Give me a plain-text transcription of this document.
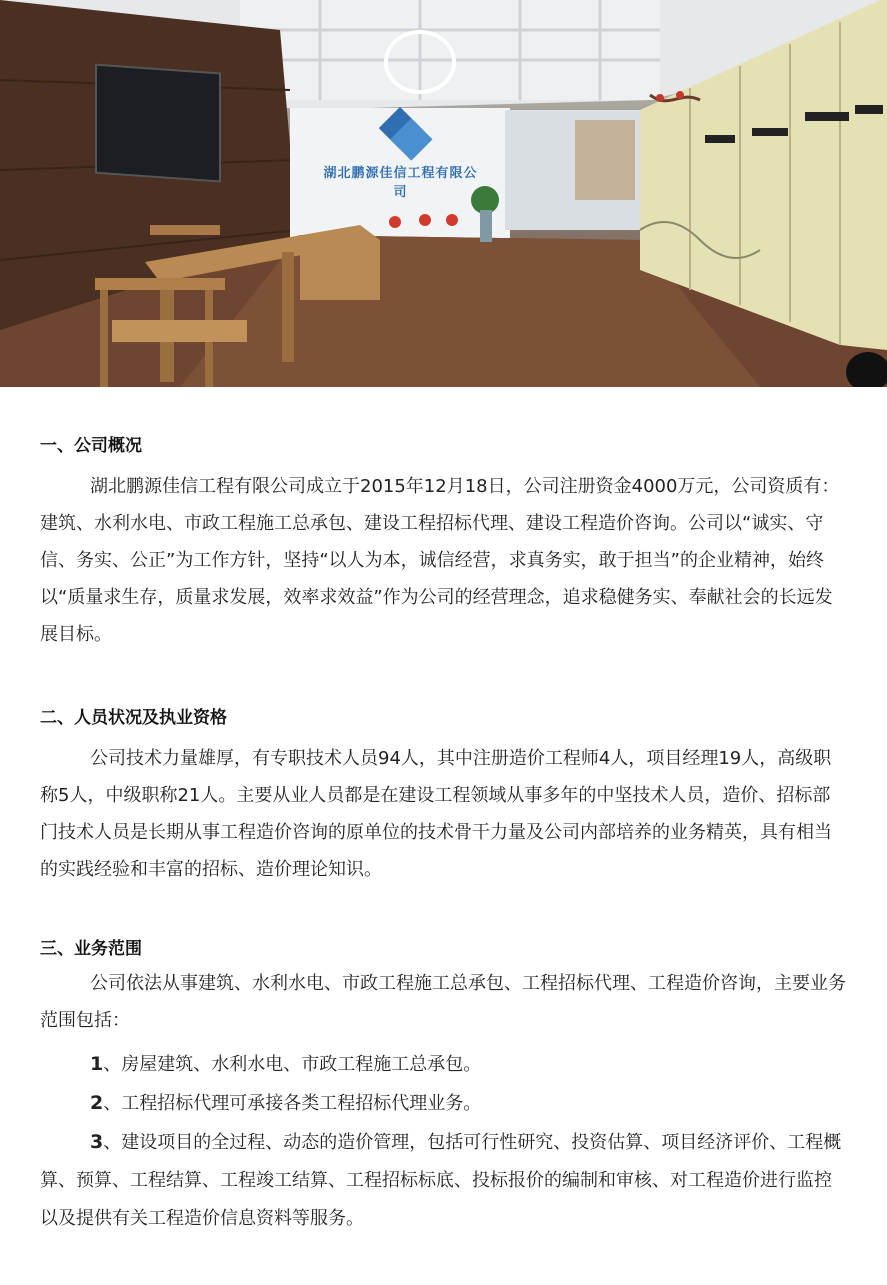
湖北鹏源佳信工程有限公司
一、公司概况

湖北鹏源佳信工程有限公司成立于2015年12月18日，公司注册资金4000万元，公司资质有：建筑、水利水电、市政工程施工总承包、建设工程招标代理、建设工程造价咨询。公司以“诚实、守信、务实、公正”为工作方针，坚持“以人为本，诚信经营，求真务实，敢于担当”的企业精神，始终以“质量求生存，质量求发展，效率求效益”作为公司的经营理念，追求稳健务实、奉献社会的长远发展目标。

二、人员状况及执业资格

公司技术力量雄厚，有专职技术人员94人，其中注册造价工程师4人，项目经理19人，高级职称5人，中级职称21人。主要从业人员都是在建设工程领域从事多年的中坚技术人员，造价、招标部门技术人员是长期从事工程造价咨询的原单位的技术骨干力量及公司内部培养的业务精英，具有相当的实践经验和丰富的招标、造价理论知识。

三、业务范围

公司依法从事建筑、水利水电、市政工程施工总承包、工程招标代理、工程造价咨询，主要业务范围包括：

1、房屋建筑、水利水电、市政工程施工总承包。

2、工程招标代理可承接各类工程招标代理业务。

3、建设项目的全过程、动态的造价管理，包括可行性研究、投资估算、项目经济评价、工程概算、预算、工程结算、工程竣工结算、工程招标标底、投标报价的编制和审核、对工程造价进行监控以及提供有关工程造价信息资料等服务。
